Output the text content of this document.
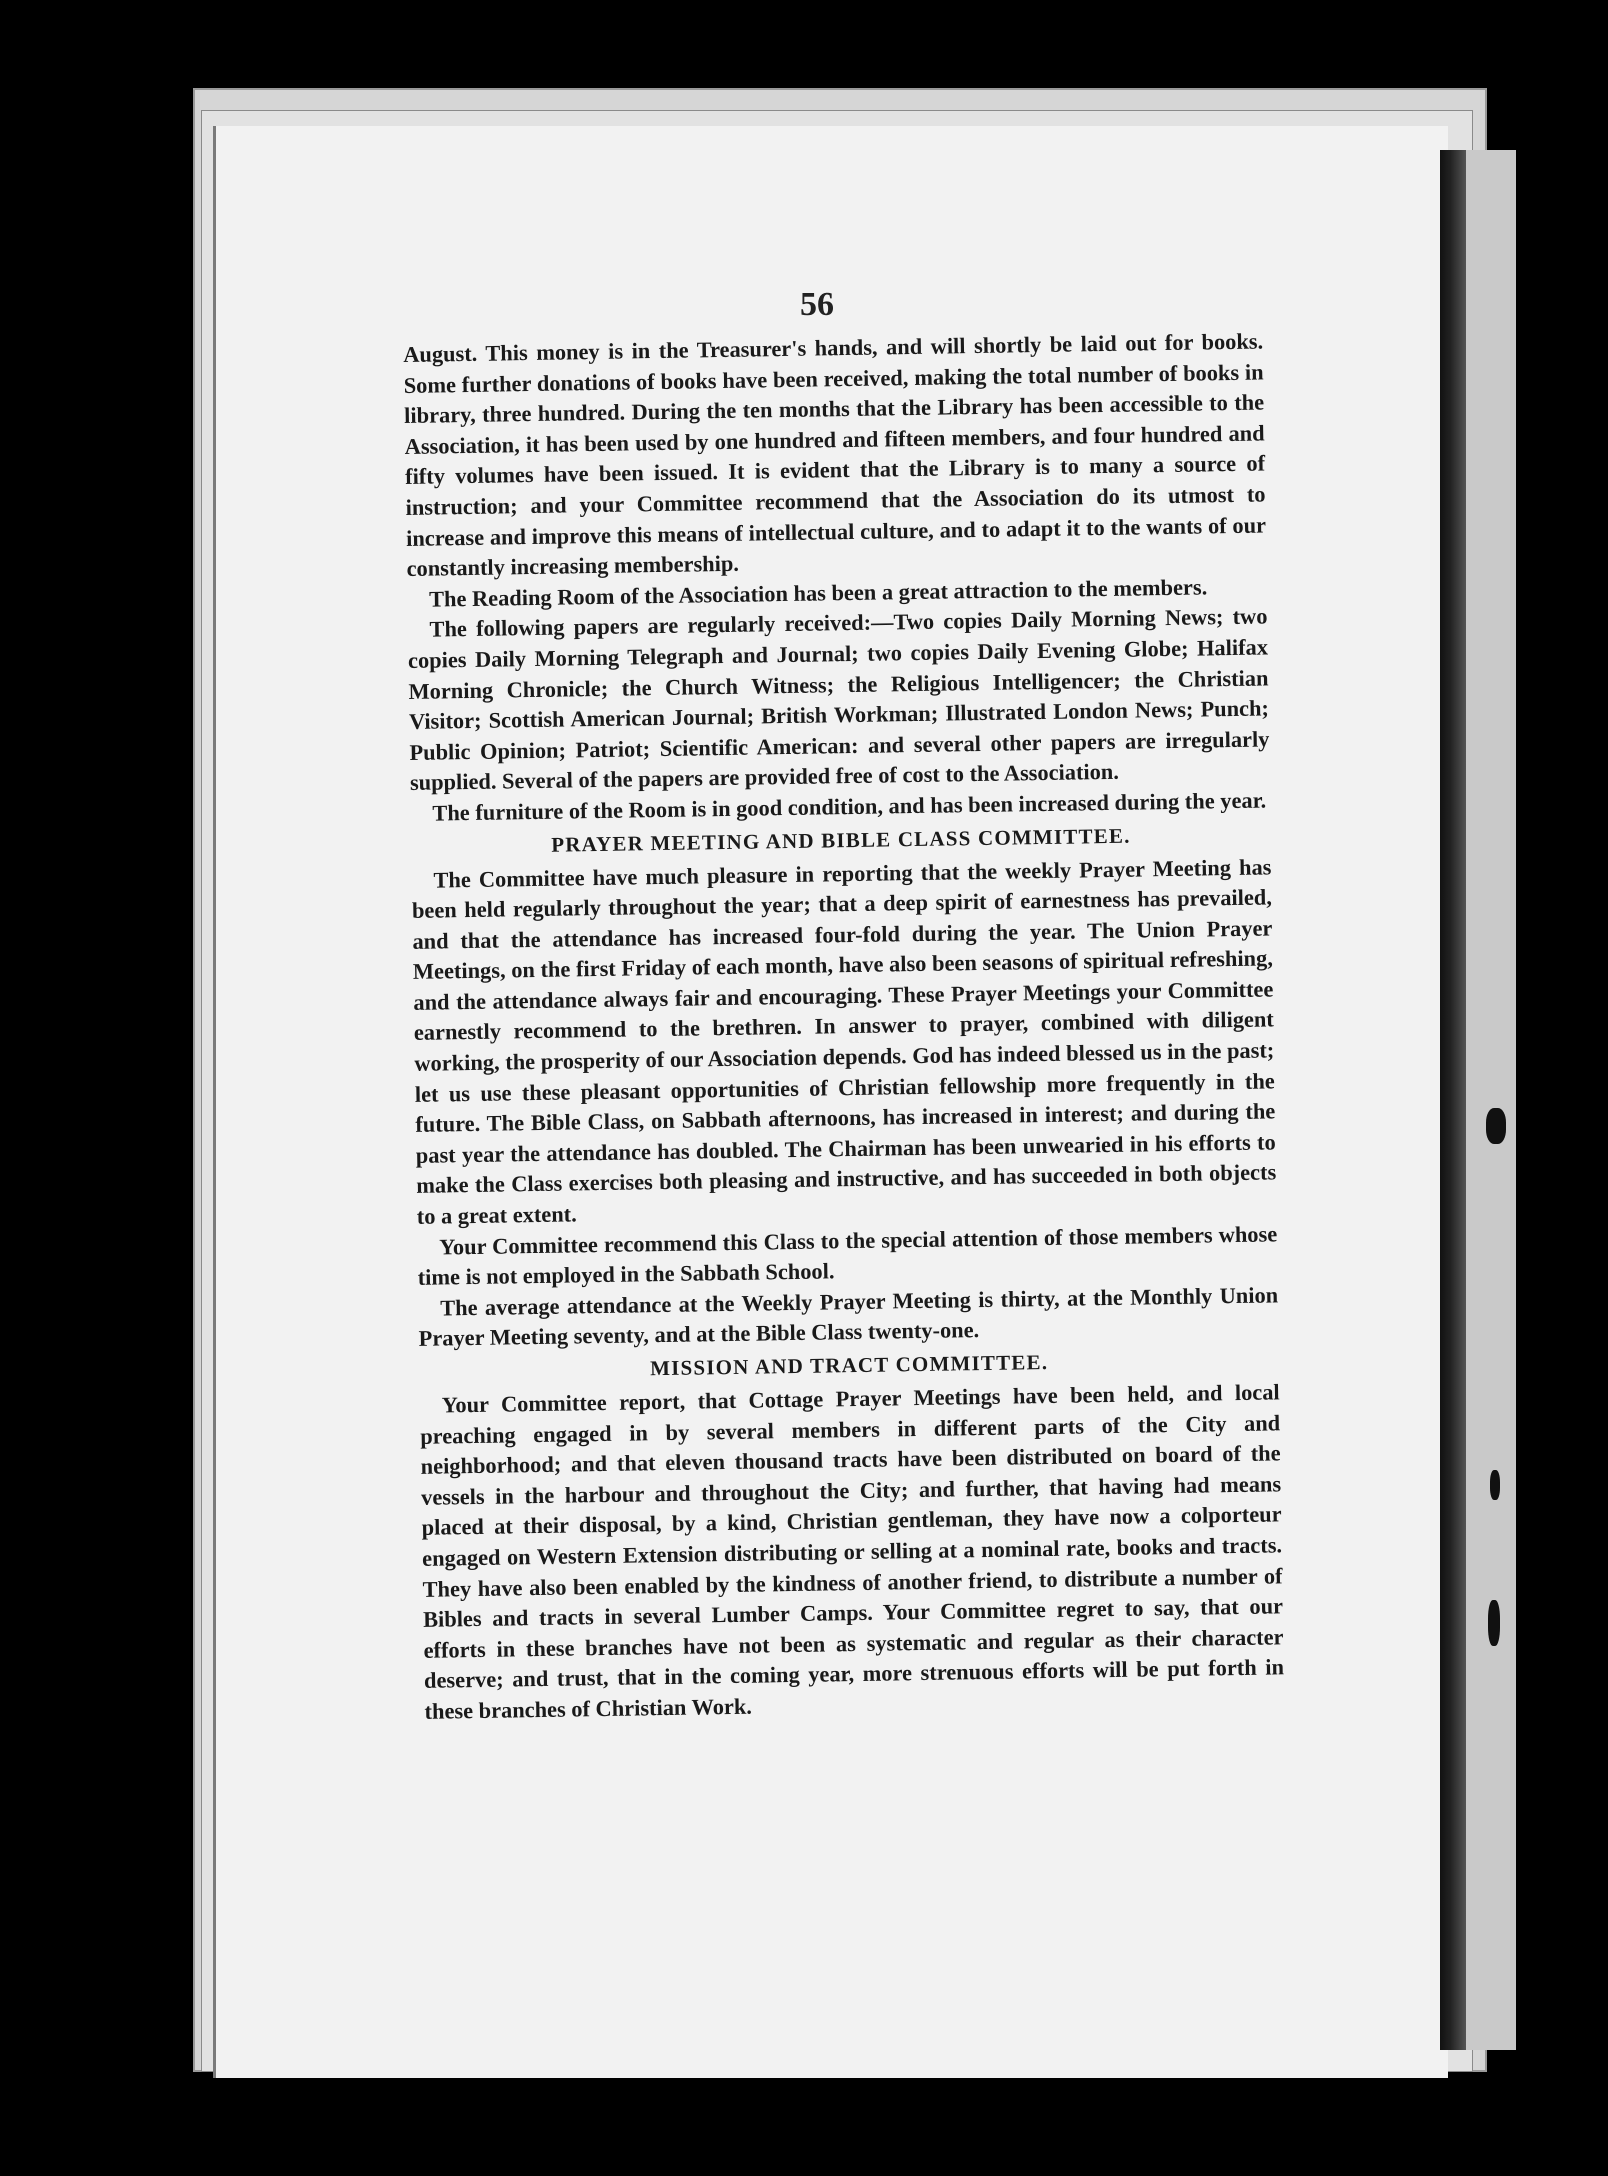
56

August. This money is in the Treasurer's hands, and will shortly be laid out for books. Some further donations of books have been received, making the total number of books in library, three hundred. During the ten months that the Library has been accessible to the Association, it has been used by one hundred and fifteen members, and four hundred and fifty volumes have been issued. It is evident that the Library is to many a source of instruction; and your Committee recommend that the Association do its utmost to increase and improve this means of intellectual culture, and to adapt it to the wants of our constantly increasing membership.

The Reading Room of the Association has been a great attraction to the members.

The following papers are regularly received:—Two copies Daily Morning News; two copies Daily Morning Telegraph and Journal; two copies Daily Evening Globe; Halifax Morning Chronicle; the Church Witness; the Religious Intelligencer; the Christian Visitor; Scottish American Journal; British Workman; Illustrated London News; Punch; Public Opinion; Patriot; Scientific American: and several other papers are irregularly supplied. Several of the papers are provided free of cost to the Association.

The furniture of the Room is in good condition, and has been increased during the year.

PRAYER MEETING AND BIBLE CLASS COMMITTEE.

The Committee have much pleasure in reporting that the weekly Prayer Meeting has been held regularly throughout the year; that a deep spirit of earnestness has prevailed, and that the attendance has increased four-fold during the year. The Union Prayer Meetings, on the first Friday of each month, have also been seasons of spiritual refreshing, and the attendance always fair and encouraging. These Prayer Meetings your Committee earnestly recommend to the brethren. In answer to prayer, combined with diligent working, the prosperity of our Association depends. God has indeed blessed us in the past; let us use these pleasant opportunities of Christian fellowship more frequently in the future. The Bible Class, on Sabbath afternoons, has increased in interest; and during the past year the attendance has doubled. The Chairman has been unwearied in his efforts to make the Class exercises both pleasing and instructive, and has succeeded in both objects to a great extent.

Your Committee recommend this Class to the special attention of those members whose time is not employed in the Sabbath School.

The average attendance at the Weekly Prayer Meeting is thirty, at the Monthly Union Prayer Meeting seventy, and at the Bible Class twenty-one.

MISSION AND TRACT COMMITTEE.

Your Committee report, that Cottage Prayer Meetings have been held, and local preaching engaged in by several members in different parts of the City and neighborhood; and that eleven thousand tracts have been distributed on board of the vessels in the harbour and throughout the City; and further, that having had means placed at their disposal, by a kind, Christian gentleman, they have now a colporteur engaged on Western Extension distributing or selling at a nominal rate, books and tracts. They have also been enabled by the kindness of another friend, to distribute a number of Bibles and tracts in several Lumber Camps. Your Committee regret to say, that our efforts in these branches have not been as systematic and regular as their character deserve; and trust, that in the coming year, more strenuous efforts will be put forth in these branches of Christian Work.
